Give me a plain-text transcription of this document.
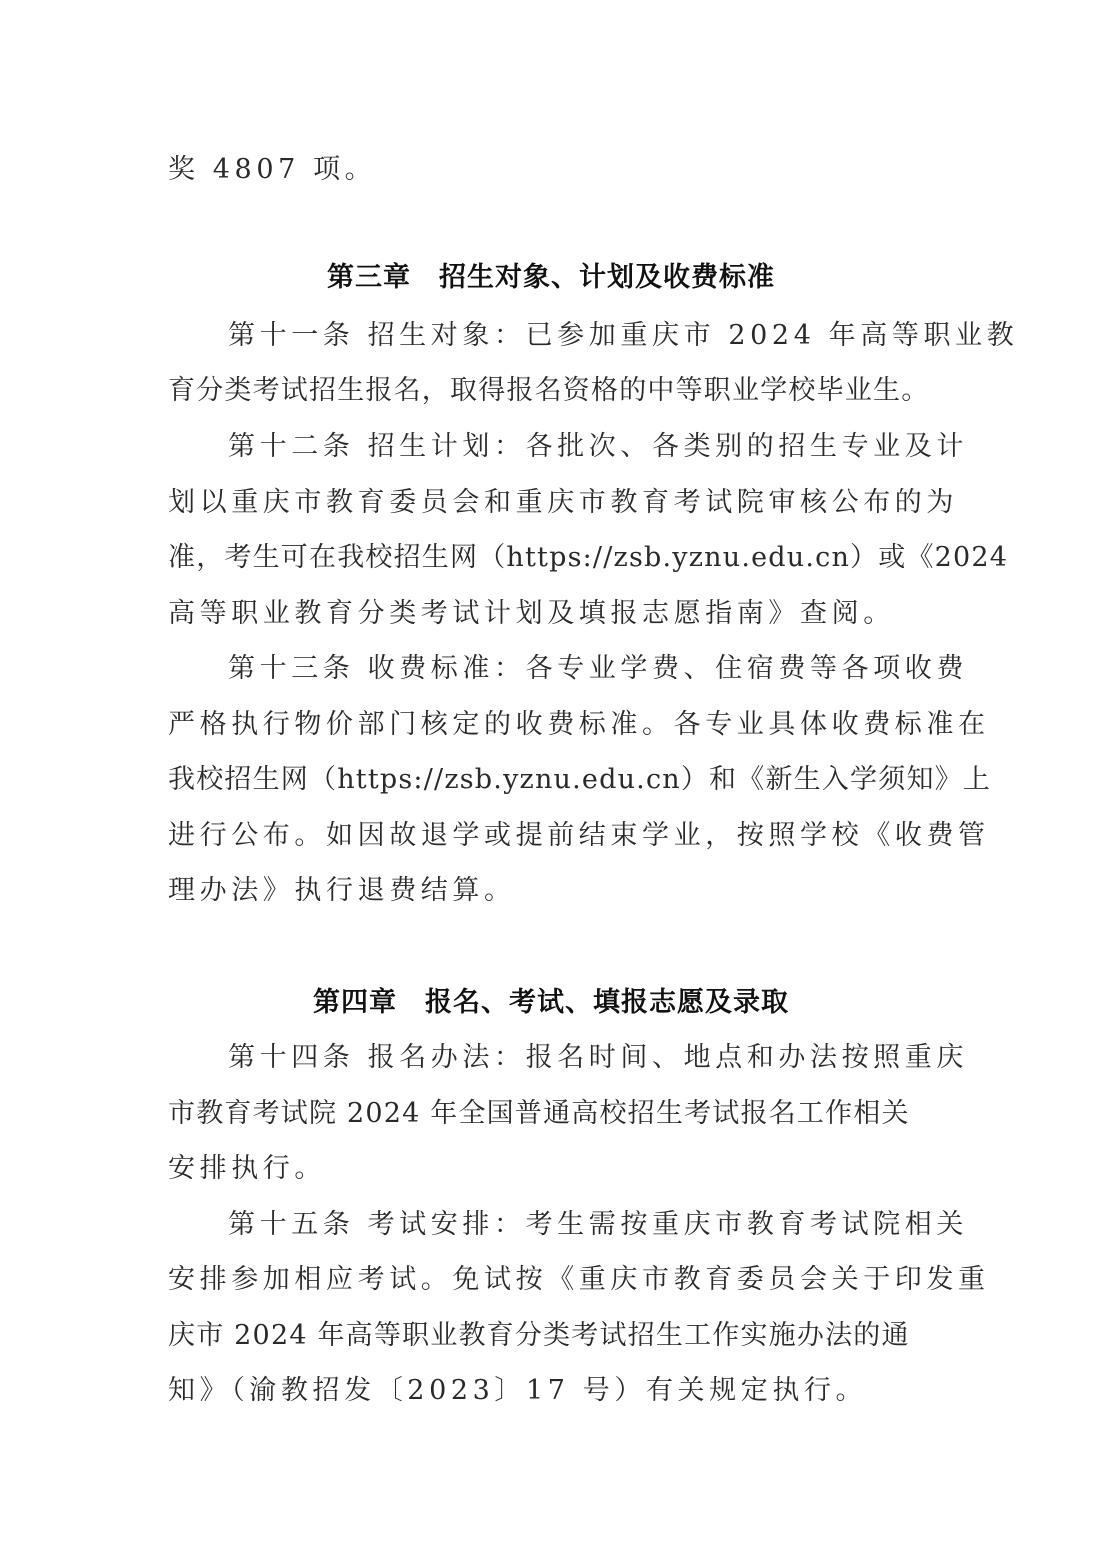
奖 4807 项。
第三章　招生对象、计划及收费标准
第十一条 招生对象：已参加重庆市 2024 年高等职业教
育分类考试招生报名，取得报名资格的中等职业学校毕业生。
第十二条 招生计划：各批次、各类别的招生专业及计
划以重庆市教育委员会和重庆市教育考试院审核公布的为
准，考生可在我校招生网（https://zsb.yznu.edu.cn）或《2024
高等职业教育分类考试计划及填报志愿指南》查阅。
第十三条 收费标准：各专业学费、住宿费等各项收费
严格执行物价部门核定的收费标准。各专业具体收费标准在
我校招生网（https://zsb.yznu.edu.cn）和《新生入学须知》上
进行公布。如因故退学或提前结束学业，按照学校《收费管
理办法》执行退费结算。
第四章　报名、考试、填报志愿及录取
第十四条 报名办法：报名时间、地点和办法按照重庆
市教育考试院 2024 年全国普通高校招生考试报名工作相关
安排执行。
第十五条 考试安排：考生需按重庆市教育考试院相关
安排参加相应考试。免试按《重庆市教育委员会关于印发重
庆市 2024 年高等职业教育分类考试招生工作实施办法的通
知》（渝教招发〔2023〕17 号）有关规定执行。
